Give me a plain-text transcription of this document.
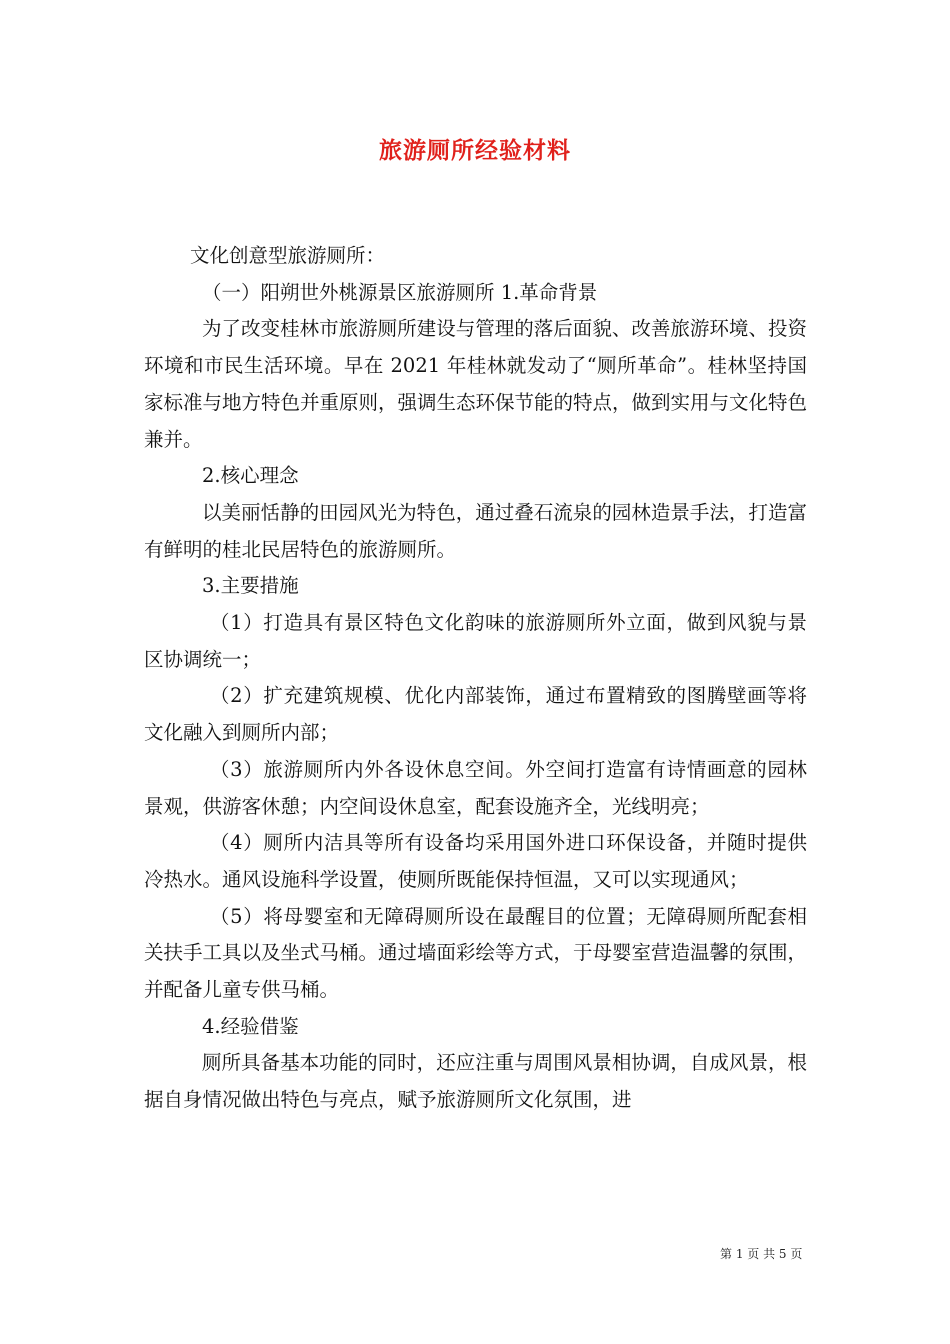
旅游厕所经验材料

文化创意型旅游厕所：

（一）阳朔世外桃源景区旅游厕所 1.革命背景

为了改变桂林市旅游厕所建设与管理的落后面貌、改善旅游环境、投资环境和市民生活环境。早在 2021 年桂林就发动了“厕所革命”。桂林坚持国家标准与地方特色并重原则，强调生态环保节能的特点，做到实用与文化特色兼并。

2.核心理念

以美丽恬静的田园风光为特色，通过叠石流泉的园林造景手法，打造富有鲜明的桂北民居特色的旅游厕所。

3.主要措施

（1）打造具有景区特色文化韵味的旅游厕所外立面，做到风貌与景区协调统一；

（2）扩充建筑规模、优化内部装饰，通过布置精致的图腾壁画等将文化融入到厕所内部；

（3）旅游厕所内外各设休息空间。外空间打造富有诗情画意的园林景观，供游客休憩；内空间设休息室，配套设施齐全，光线明亮；

（4）厕所内洁具等所有设备均采用国外进口环保设备，并随时提供冷热水。通风设施科学设置，使厕所既能保持恒温，又可以实现通风；

（5）将母婴室和无障碍厕所设在最醒目的位置；无障碍厕所配套相关扶手工具以及坐式马桶。通过墙面彩绘等方式，于母婴室营造温馨的氛围，并配备儿童专供马桶。

4.经验借鉴

厕所具备基本功能的同时，还应注重与周围风景相协调，自成风景，根据自身情况做出特色与亮点，赋予旅游厕所文化氛围，进

第 1 页 共 5 页
